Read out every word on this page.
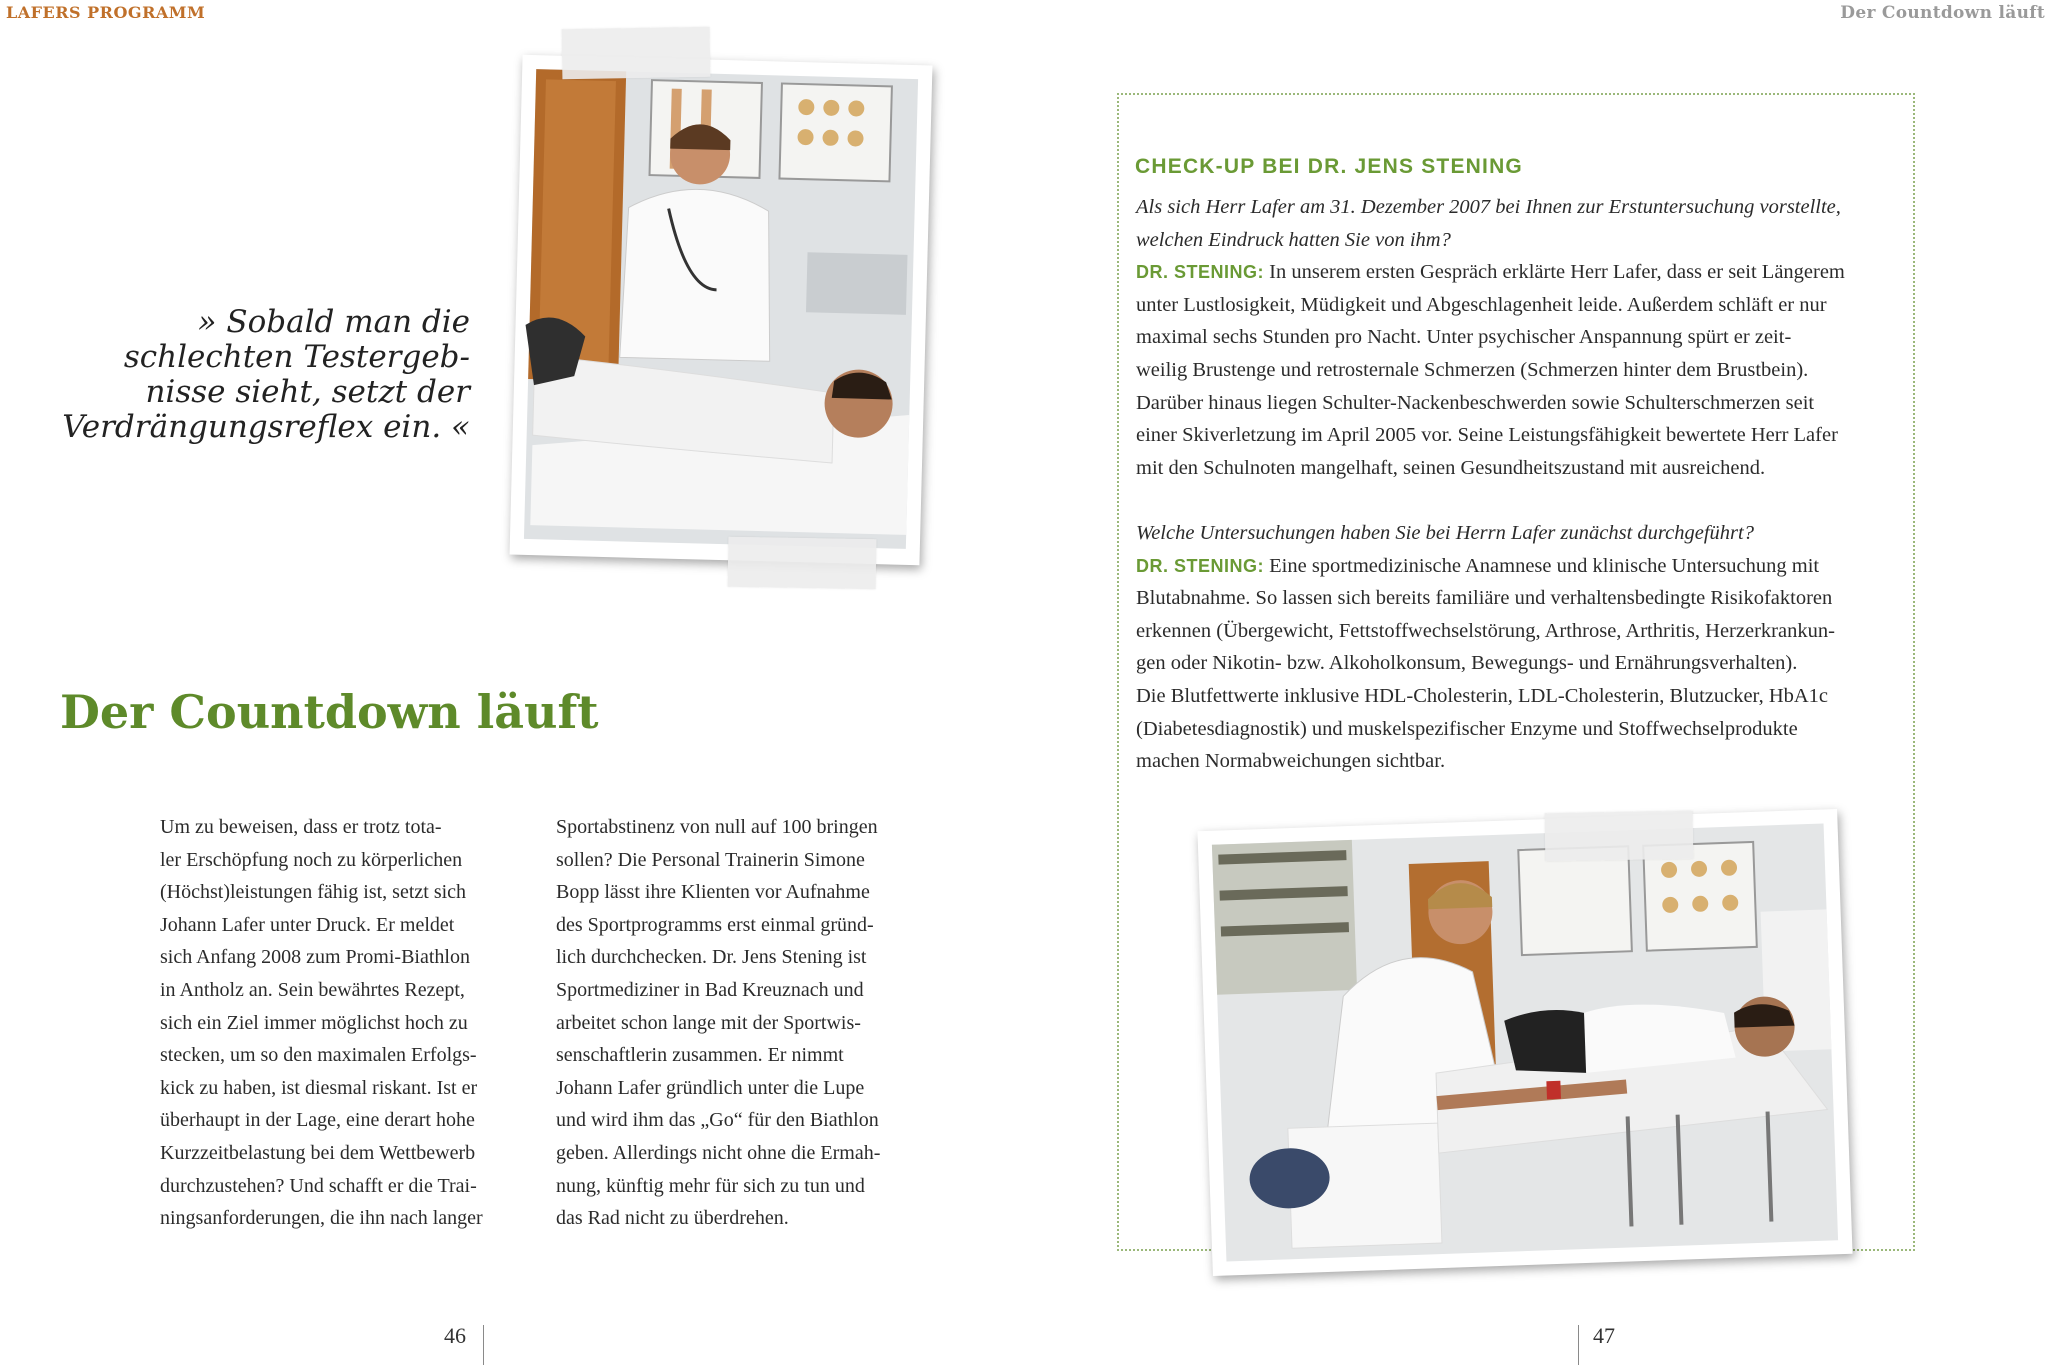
LAFERS PROGRAMM	Der Countdown läuft
» Sobald man die
schlechten Testergeb-
nisse sieht, setzt der
Verdrängungsreflex ein. «
Der Countdown läuft
Um zu beweisen, dass er trotz tota-
ler Erschöpfung noch zu körperlichen
(Höchst)leistungen fähig ist, setzt sich
Johann Lafer unter Druck. Er meldet
sich Anfang 2008 zum Promi-Biathlon
in Antholz an. Sein bewährtes Rezept,
sich ein Ziel immer möglichst hoch zu
stecken, um so den maximalen Erfolgs-
kick zu haben, ist diesmal riskant. Ist er
überhaupt in der Lage, eine derart hohe
Kurzzeitbelastung bei dem Wettbewerb
durchzustehen? Und schafft er die Trai-
ningsanforderungen, die ihn nach langer
Sportabstinenz von null auf 100 bringen
sollen? Die Personal Trainerin Simone
Bopp lässt ihre Klienten vor Aufnahme
des Sportprogramms erst einmal gründ-
lich durchchecken. Dr. Jens Stening ist
Sportmediziner in Bad Kreuznach und
arbeitet schon lange mit der Sportwis-
senschaftlerin zusammen. Er nimmt
Johann Lafer gründlich unter die Lupe
und wird ihm das „Go“ für den Biathlon
geben. Allerdings nicht ohne die Ermah-
nung, künftig mehr für sich zu tun und
das Rad nicht zu überdrehen.
CHECK-UP BEI DR. JENS STENING
Als sich Herr Lafer am 31. Dezember 2007 bei Ihnen zur Erstuntersuchung vorstellte,
welchen Eindruck hatten Sie von ihm?
DR. STENING: In unserem ersten Gespräch erklärte Herr Lafer, dass er seit Längerem
unter Lustlosigkeit, Müdigkeit und Abgeschlagenheit leide. Außerdem schläft er nur
maximal sechs Stunden pro Nacht. Unter psychischer Anspannung spürt er zeit-
weilig Brustenge und retrosternale Schmerzen (Schmerzen hinter dem Brustbein).
Darüber hinaus liegen Schulter-Nackenbeschwerden sowie Schulterschmerzen seit
einer Skiverletzung im April 2005 vor. Seine Leistungsfähigkeit bewertete Herr Lafer
mit den Schulnoten mangelhaft, seinen Gesundheitszustand mit ausreichend.
Welche Untersuchungen haben Sie bei Herrn Lafer zunächst durchgeführt?
DR. STENING: Eine sportmedizinische Anamnese und klinische Untersuchung mit
Blutabnahme. So lassen sich bereits familiäre und verhaltensbedingte Risikofaktoren
erkennen (Übergewicht, Fettstoffwechselstörung, Arthrose, Arthritis, Herzerkrankun-
gen oder Nikotin- bzw. Alkoholkonsum, Bewegungs- und Ernährungsverhalten).
Die Blutfettwerte inklusive HDL-Cholesterin, LDL-Cholesterin, Blutzucker, HbA1c
(Diabetesdiagnostik) und muskelspezifischer Enzyme und Stoffwechselprodukte
machen Normabweichungen sichtbar.
46	47
